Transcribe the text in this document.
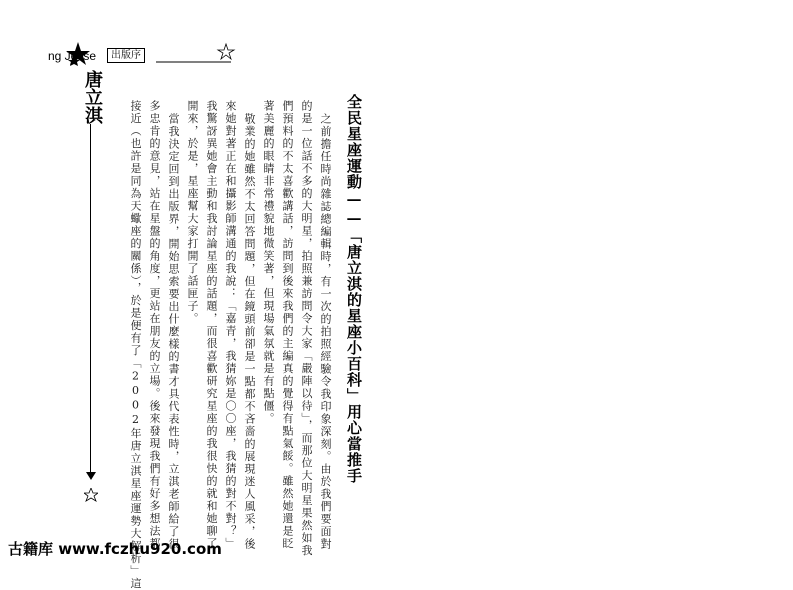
ng Jesse	出版序
唐立淇	全民星座運動——「唐立淇的星座小百科」用心當推手
之前擔任時尚雜誌總編輯時，有一次的拍照經驗令我印象深刻。由於我們要面對
的是一位話不多的大明星，拍照兼訪問令大家「嚴陣以待」，而那位大明星果然如我
們預料的不太喜歡講話，訪問到後來我們的主編真的覺得有點氣餒。雖然她還是眨
著美麗的眼睛非常禮貌地微笑著，但現場氣氛就是有點僵。
敬業的她雖然不太回答問題，但在鏡頭前卻是一點都不吝嗇的展現迷人風采，後
來她對著正在和攝影師溝通的我說：「嘉青，我猜妳是〇〇座，我猜的對不對？」
我驚訝異她會主動和我討論星座的話題，而很喜歡研究星座的我很快的就和她聊了
開來，於是，星座幫大家打開了話匣子。
當我決定回到出版界，開始思索要出什麼樣的書才具代表性時，立淇老師給了很
多忠肯的意見，站在星盤的角度，更站在朋友的立場。後來發現我們有好多想法都
接近（也許是同為天蠍座的關係），於是便有了「2002年唐立淇星座運勢大解析」這
古籍库 www.fczhu920.com
